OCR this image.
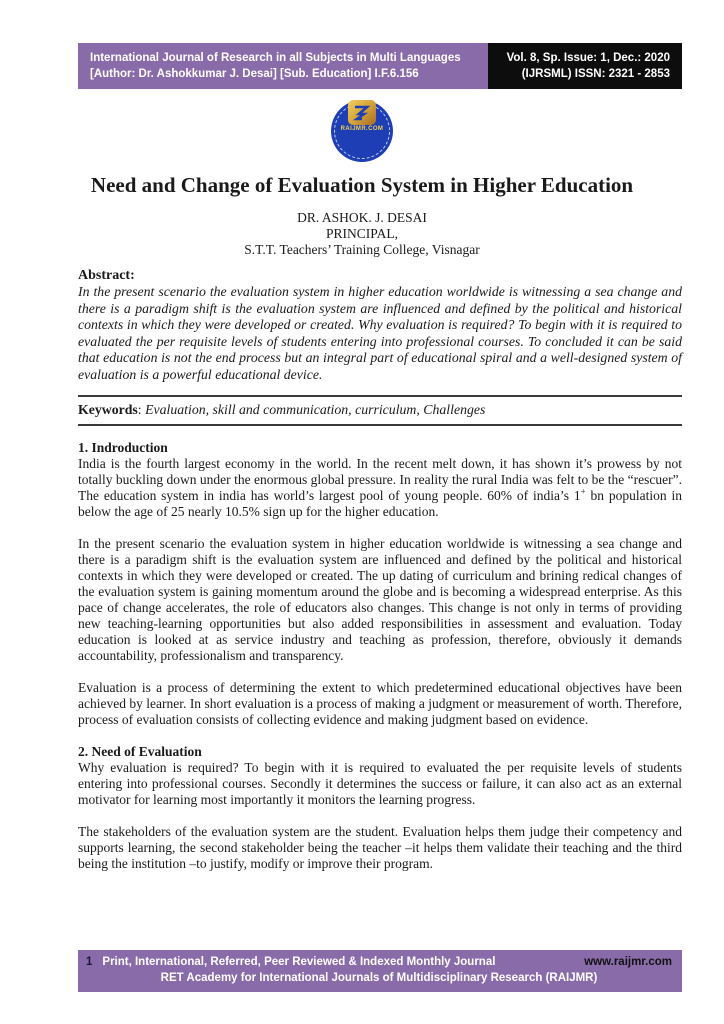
International Journal of Research in all Subjects in Multi Languages
[Author: Dr. Ashokkumar J. Desai] [Sub. Education] I.F.6.156
Vol. 8, Sp. Issue: 1, Dec.: 2020
(IJRSML) ISSN: 2321 - 2853
RAIJMR.COM
Need and Change of Evaluation System in Higher Education
DR. ASHOK. J. DESAI
PRINCIPAL,
S.T.T. Teachers’ Training College, Visnagar
Abstract:

In the present scenario the evaluation system in higher education worldwide is witnessing a sea change and there is a paradigm shift is the evaluation system are influenced and defined by the political and historical contexts in which they were developed or created. Why evaluation is required? To begin with it is required to evaluated the per requisite levels of students entering into professional courses. To concluded it can be said that education is not the end process but an integral part of educational spiral and a well-designed system of evaluation is a powerful educational device.

Keywords: Evaluation, skill and communication, curriculum, Challenges

1. Indroduction

India is the fourth largest economy in the world. In the recent melt down, it has shown it’s prowess by not totally buckling down under the enormous global pressure. In reality the rural India was felt to be the “rescuer”. The education system in india has world’s largest pool of young people. 60% of india’s 1+ bn population in below the age of 25 nearly 10.5% sign up for the higher education.

In the present scenario the evaluation system in higher education worldwide is witnessing a sea change and there is a paradigm shift is the evaluation system are influenced and defined by the political and historical contexts in which they were developed or created. The up dating of curriculum and brining redical changes of the evaluation system is gaining momentum around the globe and is becoming a widespread enterprise. As this pace of change accelerates, the role of educators also changes. This change is not only in terms of providing new teaching-learning opportunities but also added responsibilities in assessment and evaluation. Today education is looked at as service industry and teaching as profession, therefore, obviously it demands accountability, professionalism and transparency.

Evaluation is a process of determining the extent to which predetermined educational objectives have been achieved by learner. In short evaluation is a process of making a judgment or measurement of worth. Therefore, process of evaluation consists of collecting evidence and making judgment based on evidence.

2. Need of Evaluation

Why evaluation is required? To begin with it is required to evaluated the per requisite levels of students entering into professional courses. Secondly it determines the success or failure, it can also act as an external motivator for learning most importantly it monitors the learning progress.

The stakeholders of the evaluation system are the student. Evaluation helps them judge their competency and supports learning, the second stakeholder being the teacher –it helps them validate their teaching and the third being the institution –to justify, modify or improve their program.

1 Print, International, Referred, Peer Reviewed & Indexed Monthly Journal	www.raijmr.com
RET Academy for International Journals of Multidisciplinary Research (RAIJMR)
